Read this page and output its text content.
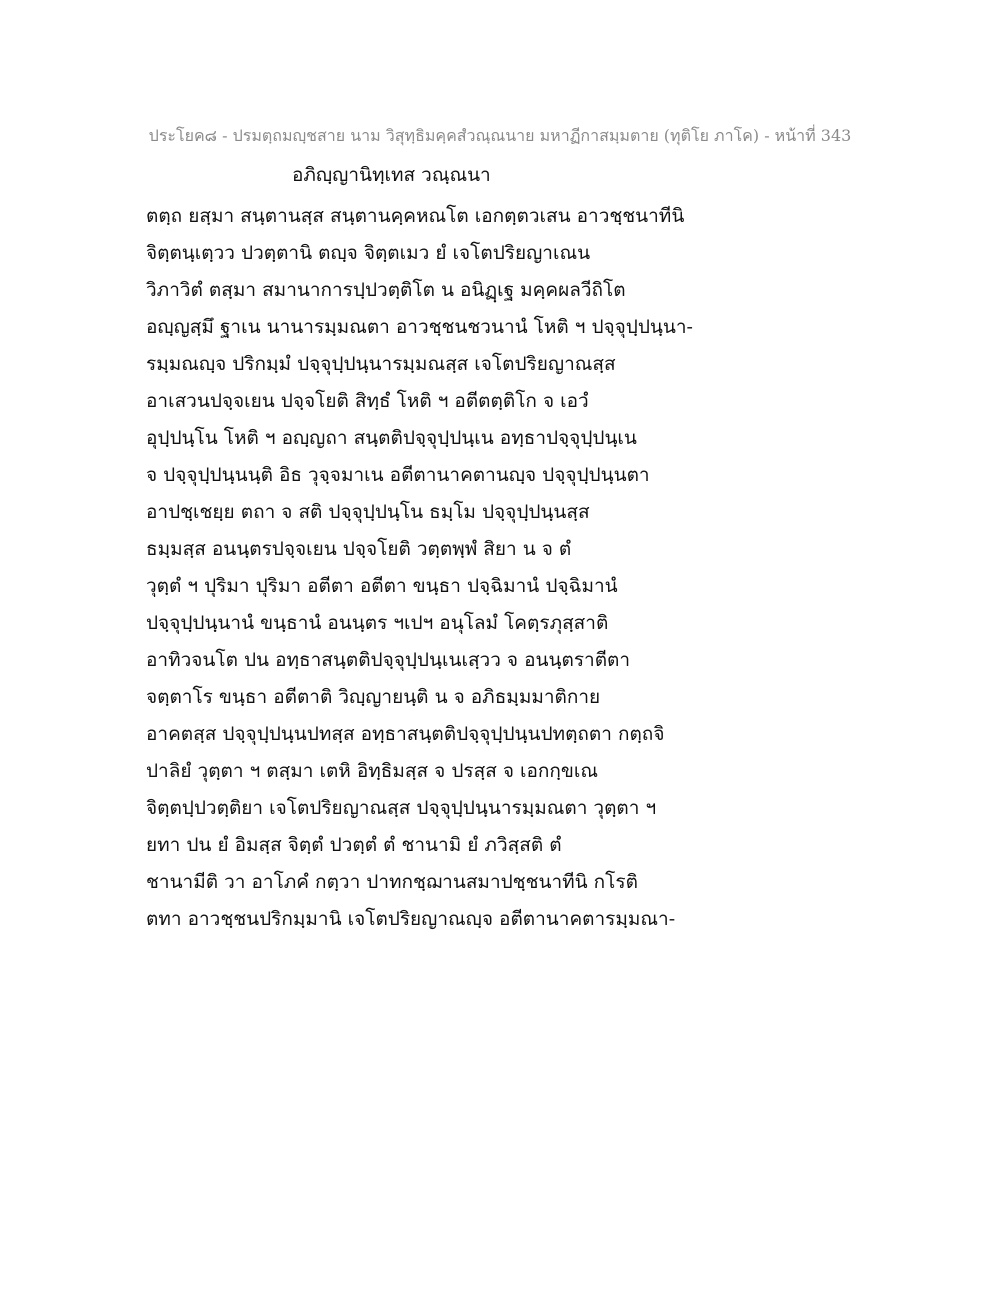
ประโยค๘ - ปรมตฺถมญฺชสาย นาม วิสุทฺธิมคฺคสํวณฺณนาย มหาฏีกาสมฺมตาย (ทุติโย ภาโค) - หน้าที่ 343
อภิญฺญานิทฺเทส วณฺณนา
ตตฺถ ยสฺมา สนฺตานสฺส สนฺตานคฺคหณโต เอกตฺตวเสน อาวชฺชนาทีนิ
จิตฺตนฺเตฺวว ปวตฺตานิ ตญฺจ จิตฺตเมว ยํ เจโตปริยญาเณน
วิภาวิตํ ตสฺมา สมานาการปฺปวตฺติโต น อนิฏฺเฐ มคฺคผลวีถิโต
อญฺญสฺมึ ฐาเน นานารมฺมณตา อาวชฺชนชวนานํ โหติ ฯ ปจฺจุปฺปนฺนา-
รมฺมณญฺจ ปริกมฺมํ ปจฺจุปฺปนฺนารมฺมณสฺส เจโตปริยญาณสฺส
อาเสวนปจฺจเยน ปจฺจโยติ สิทฺธํ โหติ ฯ อตีตตฺติโก จ เอวํ
อุปฺปนฺโน โหติ ฯ อญฺญถา สนฺตติปจฺจุปฺปนฺเน อทฺธาปจฺจุปฺปนฺเน
จ ปจฺจุปฺปนฺนนฺติ อิธ วุจฺจมาเน อตีตานาคตานญฺจ ปจฺจุปฺปนฺนตา
อาปชฺเชยฺย ตถา จ สติ ปจฺจุปฺปนฺโน ธมฺโม ปจฺจุปฺปนฺนสฺส
ธมฺมสฺส อนนฺตรปจฺจเยน ปจฺจโยติ วตฺตพฺพํ สิยา น จ ตํ
วุตฺตํ ฯ ปุริมา ปุริมา อตีตา อตีตา ขนฺธา ปจฺฉิมานํ ปจฺฉิมานํ
ปจฺจุปฺปนฺนานํ ขนฺธานํ อนนฺตร ฯเปฯ อนุโลมํ โคตฺรภุสฺสาติ
อาทิวจนโต ปน อทฺธาสนฺตติปจฺจุปฺปนฺเนเสฺวว จ อนนฺตราตีตา
จตฺตาโร ขนฺธา อตีตาติ วิญฺญายนฺติ น จ อภิธมฺมมาติกาย
อาคตสฺส ปจฺจุปฺปนฺนปทสฺส อทฺธาสนฺตติปจฺจุปฺปนฺนปทตฺถตา กตฺถจิ
ปาลิยํ วุตฺตา ฯ ตสฺมา เตหิ อิทฺธิมสฺส จ ปรสฺส จ เอกกฺขเณ
จิตฺตปฺปวตฺติยา เจโตปริยญาณสฺส ปจฺจุปฺปนฺนารมฺมณตา วุตฺตา ฯ
ยทา ปน ยํ อิมสฺส จิตฺตํ ปวตฺตํ ตํ ชานามิ ยํ ภวิสฺสติ ตํ
ชานามีติ วา อาโภคํ กตฺวา ปาทกชฺฌานสมาปชฺชนาทีนิ กโรติ
ตทา อาวชฺชนปริกมฺมานิ เจโตปริยญาณญฺจ อตีตานาคตารมฺมณา-
